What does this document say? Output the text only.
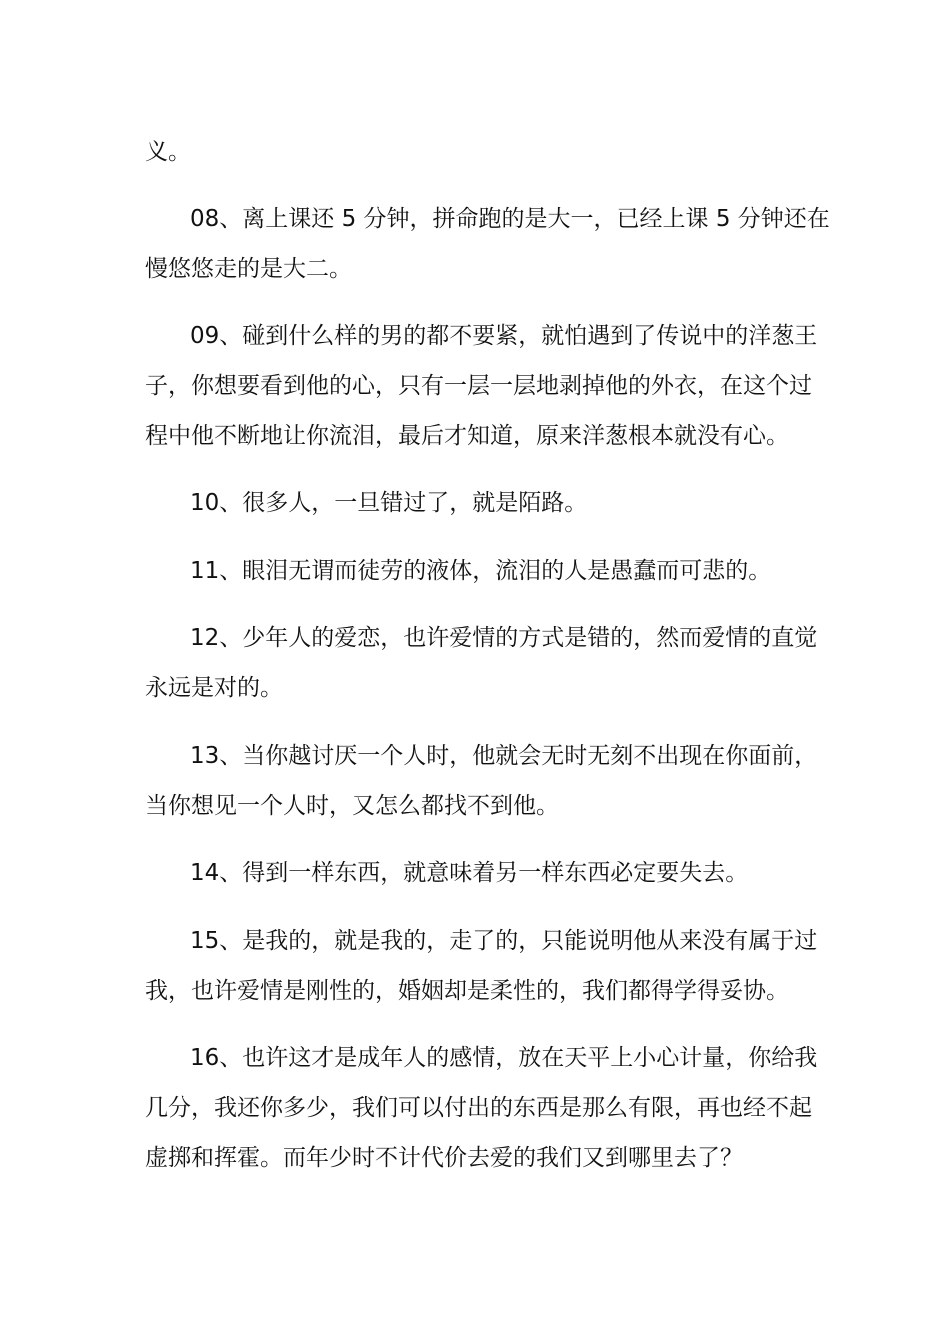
义。

08、离上课还 5 分钟，拼命跑的是大一，已经上课 5 分钟还在

慢悠悠走的是大二。

09、碰到什么样的男的都不要紧，就怕遇到了传说中的洋葱王

子，你想要看到他的心，只有一层一层地剥掉他的外衣，在这个过

程中他不断地让你流泪，最后才知道，原来洋葱根本就没有心。

10、很多人，一旦错过了，就是陌路。

11、眼泪无谓而徒劳的液体，流泪的人是愚蠢而可悲的。

12、少年人的爱恋，也许爱情的方式是错的，然而爱情的直觉

永远是对的。

13、当你越讨厌一个人时，他就会无时无刻不出现在你面前，

当你想见一个人时，又怎么都找不到他。

14、得到一样东西，就意味着另一样东西必定要失去。

15、是我的，就是我的，走了的，只能说明他从来没有属于过

我，也许爱情是刚性的，婚姻却是柔性的，我们都得学得妥协。

16、也许这才是成年人的感情，放在天平上小心计量，你给我

几分，我还你多少，我们可以付出的东西是那么有限，再也经不起

虚掷和挥霍。而年少时不计代价去爱的我们又到哪里去了？
